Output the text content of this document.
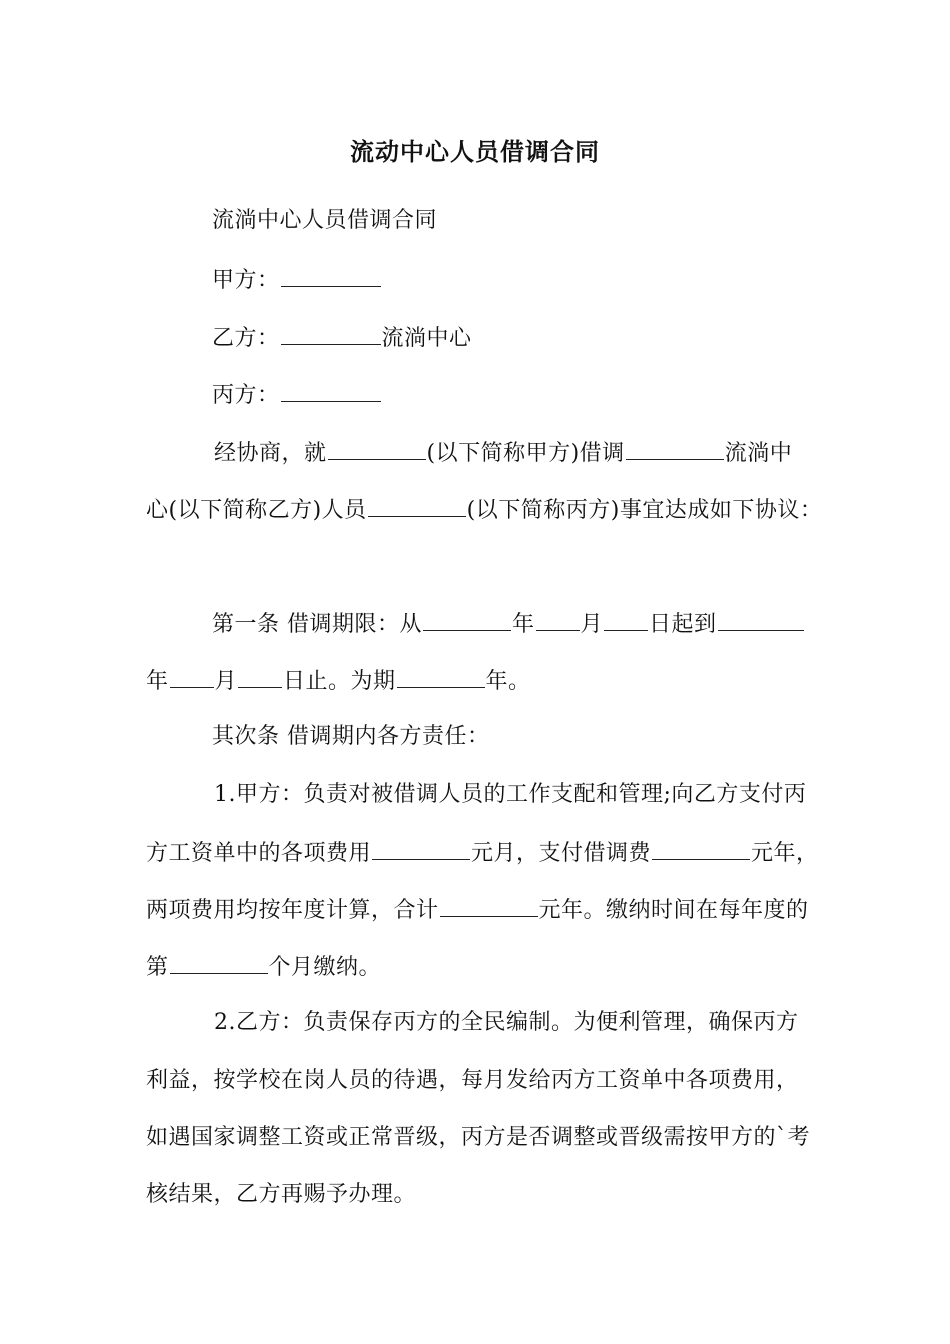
流动中心人员借调合同
流淌中心人员借调合同
甲方：
乙方：	流淌中心
丙方：
经协商，就	(以下简称甲方)借调	流淌中
心(以下简称乙方)人员	(以下简称丙方)事宜达成如下协议：
第一条 借调期限：从	年 月 日起到
年 月 日止。为期	年。
其次条 借调期内各方责任：
1.甲方：负责对被借调人员的工作支配和管理;向乙方支付丙
方工资单中的各项费用	元月，支付借调费	元年，
两项费用均按年度计算，合计	元年。缴纳时间在每年度的
第	个月缴纳。
2.乙方：负责保存丙方的全民编制。为便利管理，确保丙方
利益，按学校在岗人员的待遇，每月发给丙方工资单中各项费用，
如遇国家调整工资或正常晋级，丙方是否调整或晋级需按甲方的`考
核结果，乙方再赐予办理。
